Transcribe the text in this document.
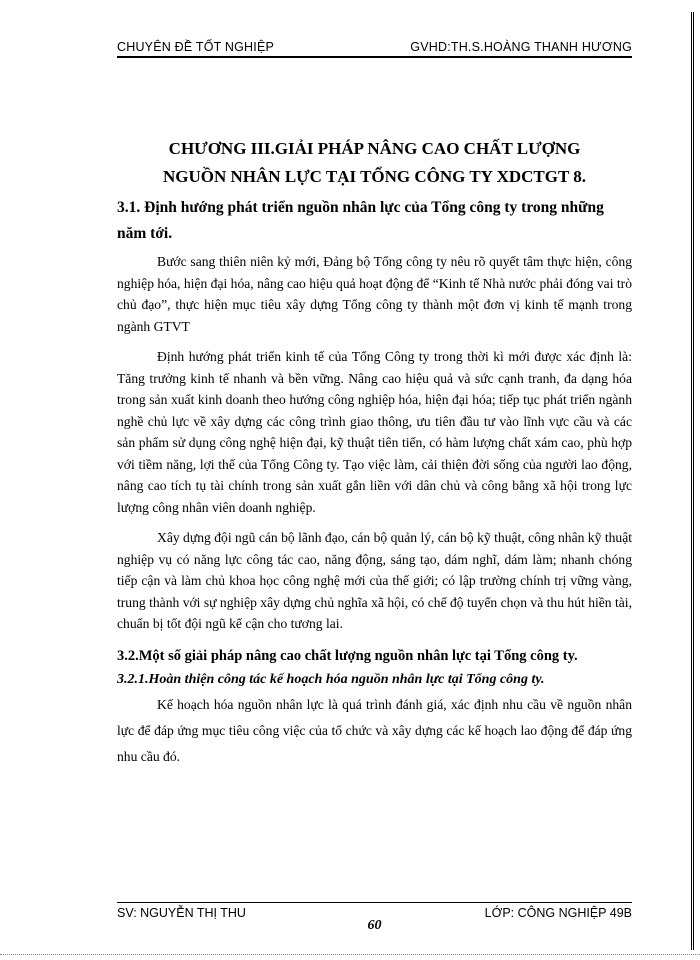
CHUYÊN ĐỀ TỐT NGHIỆP	GVHD:TH.S.HOÀNG THANH HƯƠNG

CHƯƠNG III.GIẢI PHÁP NÂNG CAO CHẤT LƯỢNG
NGUỒN NHÂN LỰC TẠI TỔNG CÔNG TY XDCTGT 8.

3.1. Định hướng phát triển nguồn nhân lực của Tổng công ty trong những năm tới.

Bước sang thiên niên kỷ mới, Đảng bộ Tổng công ty nêu rõ quyết tâm thực hiện, công nghiệp hóa, hiện đại hóa, nâng cao hiệu quả hoạt động để “Kinh tế Nhà nước phải đóng vai trò chủ đạo”, thực hiện mục tiêu xây dựng Tổng công ty thành một đơn vị kinh tế mạnh trong ngành GTVT

Định hướng phát triển kinh tế của Tổng Công ty trong thời kì mới được xác định là: Tăng trưởng kinh tế nhanh và bền vững. Nâng cao hiệu quả và sức cạnh tranh, đa dạng hóa trong sản xuất kinh doanh theo hướng công nghiệp hóa, hiện đại hóa; tiếp tục phát triển ngành nghề chủ lực về xây dựng các công trình giao thông, ưu tiên đầu tư vào lĩnh vực cầu và các sản phẩm sử dụng công nghệ hiện đại, kỹ thuật tiên tiến, có hàm lượng chất xám cao, phù hợp với tiềm năng, lợi thế của Tổng Công ty. Tạo việc làm, cải thiện đời sống của người lao động, nâng cao tích tụ tài chính trong sản xuất gắn liền với dân chủ và công bằng xã hội trong lực lượng công nhân viên doanh nghiệp.

Xây dựng đội ngũ cán bộ lãnh đạo, cán bộ quản lý, cán bộ kỹ thuật, công nhân kỹ thuật nghiệp vụ có năng lực công tác cao, năng động, sáng tạo, dám nghĩ, dám làm; nhanh chóng tiếp cận và làm chủ khoa học công nghệ mới của thế giới; có lập trường chính trị vững vàng, trung thành với sự nghiệp xây dựng chủ nghĩa xã hội, có chế độ tuyển chọn và thu hút hiền tài, chuẩn bị tốt đội ngũ kế cận cho tương lai.

3.2.Một số giải pháp nâng cao chất lượng nguồn nhân lực tại Tổng công ty.

3.2.1.Hoàn thiện công tác kế hoạch hóa nguồn nhân lực tại Tổng công ty.

Kế hoạch hóa nguồn nhân lực là quá trình đánh giá, xác định nhu cầu về nguồn nhân lực để đáp ứng mục tiêu công việc của tổ chức và xây dựng các kế hoạch lao động để đáp ứng nhu cầu đó.

SV: NGUYỄN THỊ THU	LỚP: CÔNG NGHIỆP 49B
60
